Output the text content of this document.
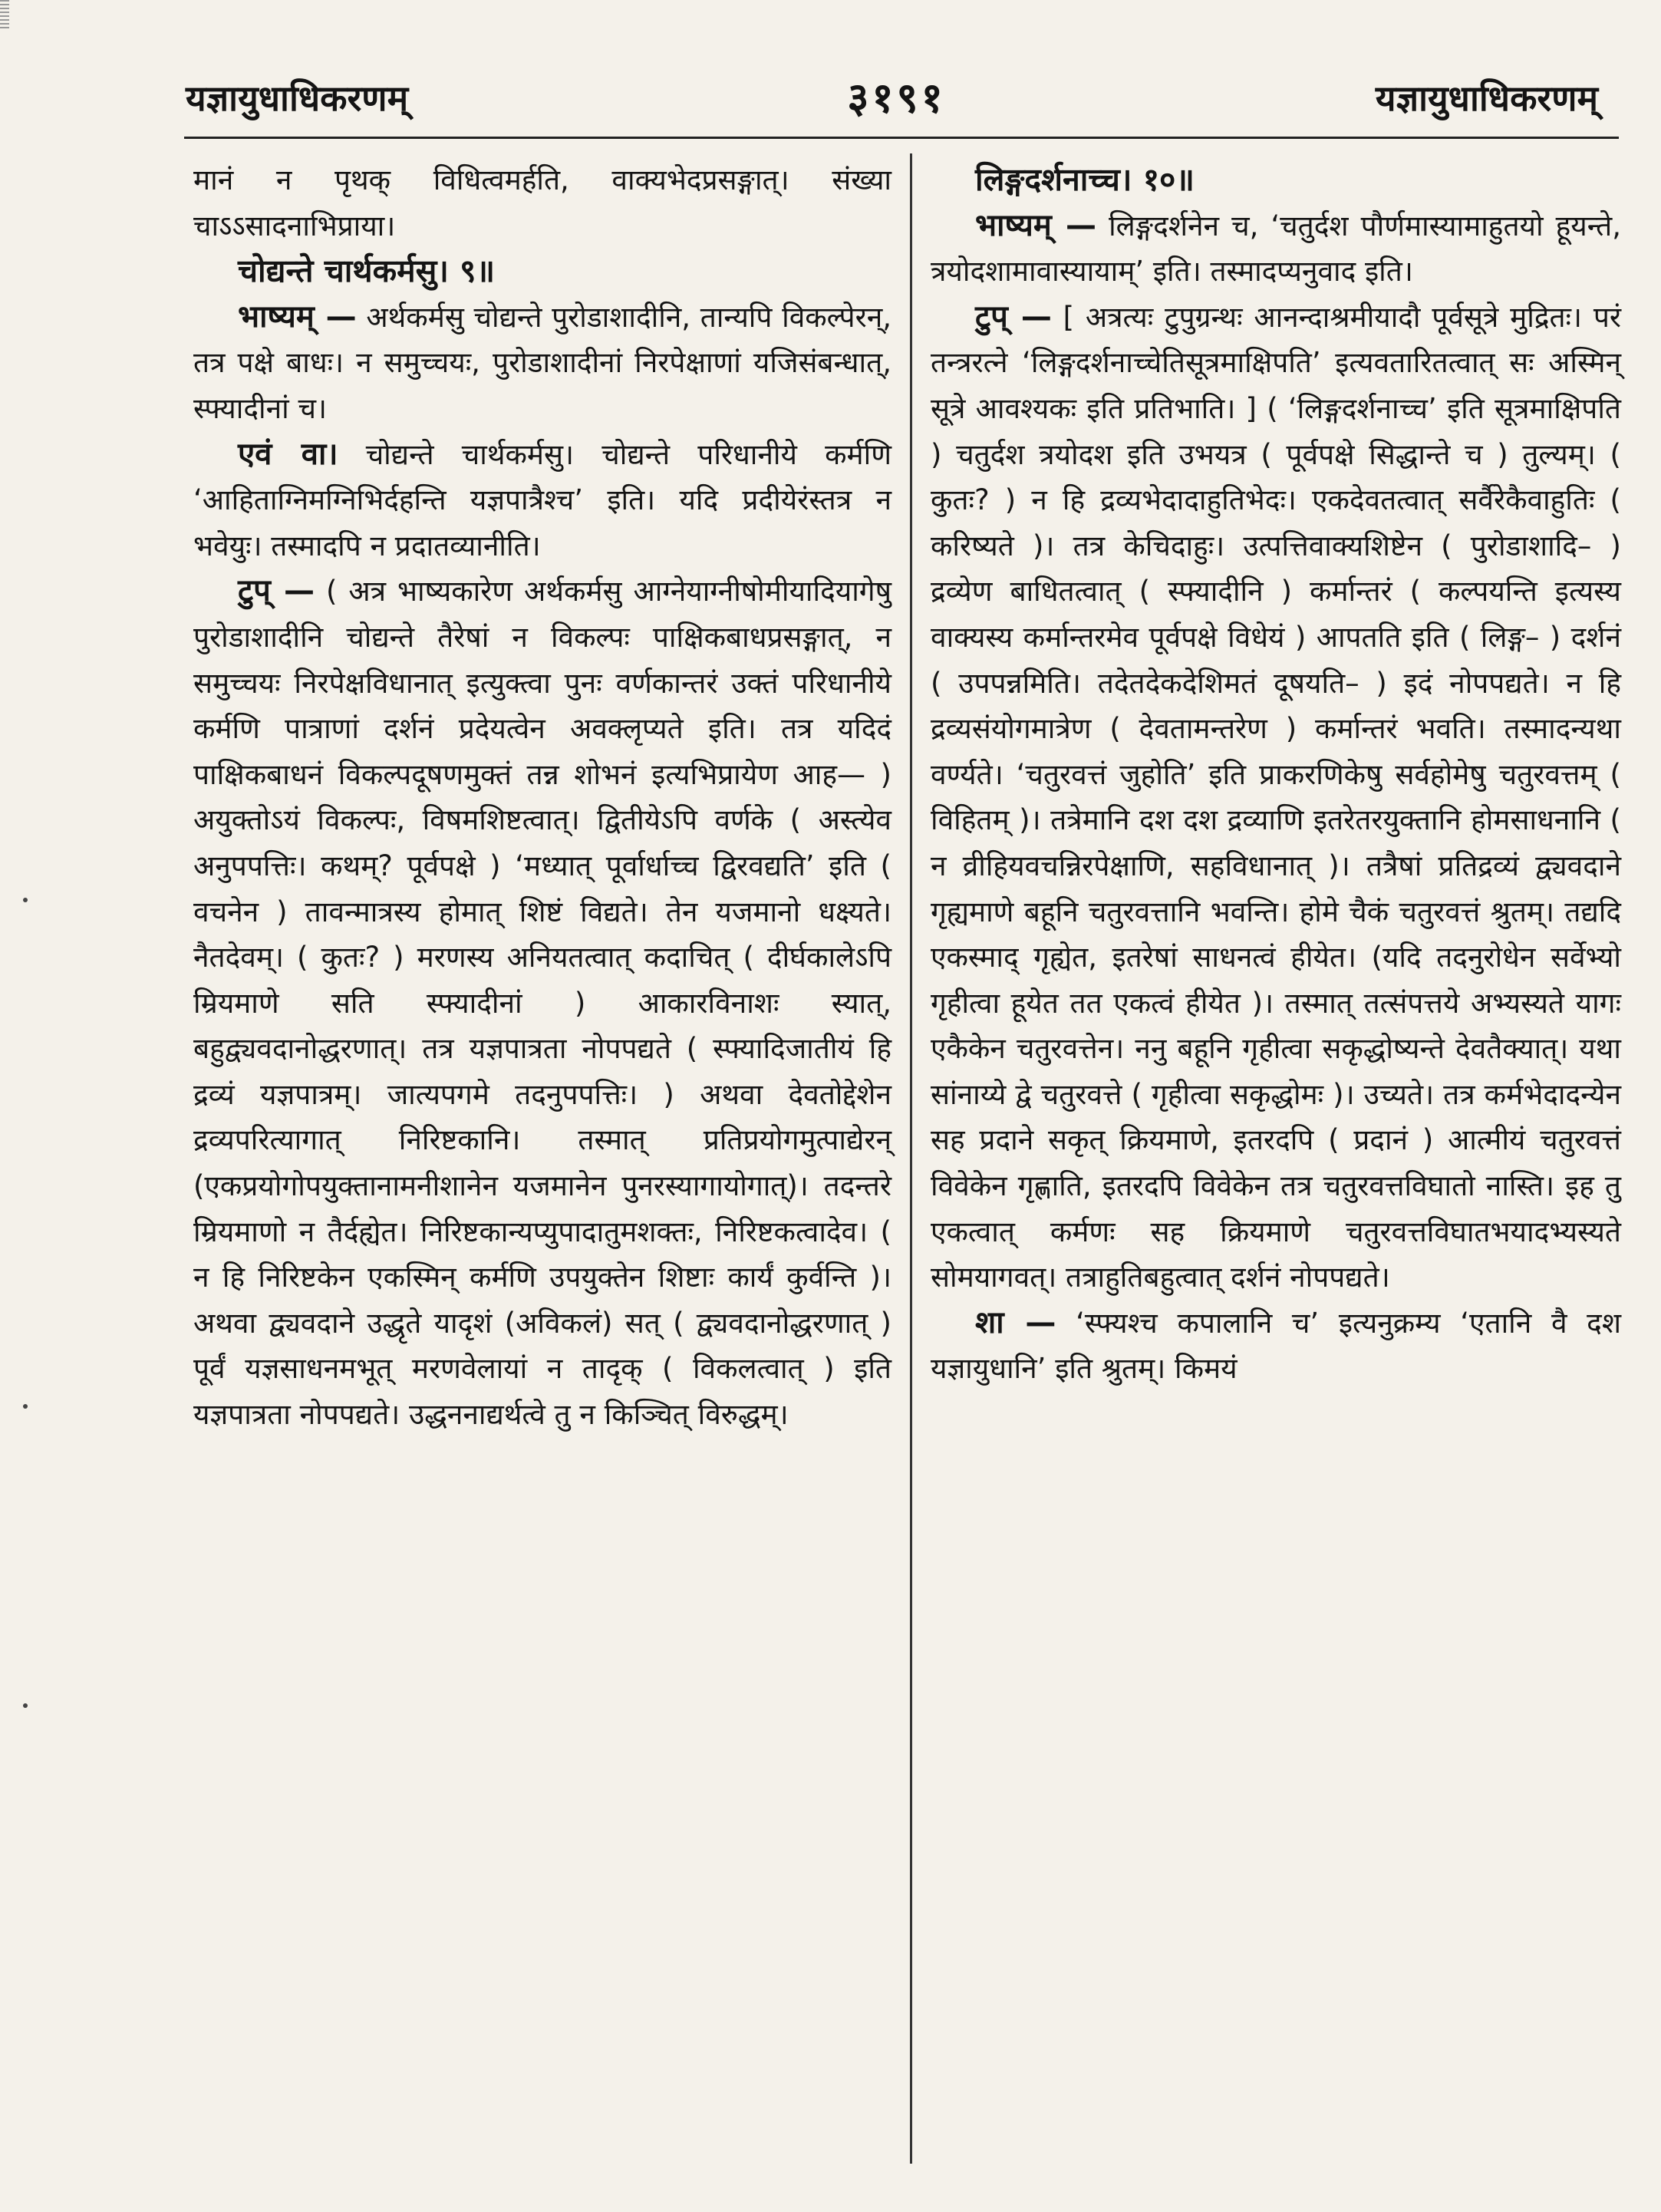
यज्ञायुधाधिकरणम्	३१९१	यज्ञायुधाधिकरणम्

मानं न पृथक् विधित्वमर्हति, वाक्यभेदप्रसङ्गात्। संख्या चाऽऽसादनाभिप्राया।

चोद्यन्ते चार्थकर्मसु। ९॥

भाष्यम् — अर्थकर्मसु चोद्यन्ते पुरोडाशादीनि, तान्यपि विकल्पेरन्, तत्र पक्षे बाधः। न समुच्चयः, पुरोडाशादीनां निरपेक्षाणां यजिसंबन्धात्, स्फ्यादीनां च।

एवं वा। चोद्यन्ते चार्थकर्मसु। चोद्यन्ते परिधानीये कर्मणि ‘आहिताग्निमग्निभिर्दहन्ति यज्ञपात्रैश्च’ इति। यदि प्रदीयेरंस्तत्र न भवेयुः। तस्मादपि न प्रदातव्यानीति।

टुप् — ( अत्र भाष्यकारेण अर्थकर्मसु आग्नेयाग्नीषोमीयादियागेषु पुरोडाशादीनि चोद्यन्ते तैरेषां न विकल्पः पाक्षिकबाधप्रसङ्गात्, न समुच्चयः निरपेक्षविधानात् इत्युक्त्वा पुनः वर्णकान्तरं उक्तं परिधानीये कर्मणि पात्राणां दर्शनं प्रदेयत्वेन अवक्लृप्यते इति। तत्र यदिदं पाक्षिकबाधनं विकल्पदूषणमुक्तं तन्न शोभनं इत्यभिप्रायेण आह— ) अयुक्तोऽयं विकल्पः, विषमशिष्टत्वात्। द्वितीयेऽपि वर्णके ( अस्त्येव अनुपपत्तिः। कथम्? पूर्वपक्षे ) ‘मध्यात् पूर्वार्धाच्च द्विरवद्यति’ इति ( वचनेन ) तावन्मात्रस्य होमात् शिष्टं विद्यते। तेन यजमानो धक्ष्यते। नैतदेवम्। ( कुतः? ) मरणस्य अनियतत्वात् कदाचित् ( दीर्घकालेऽपि म्रियमाणे सति स्फ्यादीनां ) आकारविनाशः स्यात्, बहुद्व्यवदानोद्धरणात्। तत्र यज्ञपात्रता नोपपद्यते ( स्फ्यादिजातीयं हि द्रव्यं यज्ञपात्रम्। जात्यपगमे तदनुपपत्तिः। ) अथवा देवतोद्देशेन द्रव्यपरित्यागात् निरिष्टकानि। तस्मात् प्रतिप्रयोगमुत्पाद्येरन् (एकप्रयोगोपयुक्तानामनीशानेन यजमानेन पुनरस्यागायोगात्)। तदन्तरे म्रियमाणो न तैर्दह्येत। निरिष्टकान्यप्युपादातुमशक्तः, निरिष्टकत्वादेव। ( न हि निरिष्टकेन एकस्मिन् कर्मणि उपयुक्तेन शिष्टाः कार्यं कुर्वन्ति )। अथवा द्व्यवदाने उद्धृते यादृशं (अविकलं) सत् ( द्व्यवदानोद्धरणात् ) पूर्वं यज्ञसाधनमभूत् मरणवेलायां न तादृक् ( विकलत्वात् ) इति यज्ञपात्रता नोपपद्यते। उद्धननाद्यर्थत्वे तु न किञ्चित् विरुद्धम्।

लिङ्गदर्शनाच्च। १०॥

भाष्यम् — लिङ्गदर्शनेन च, ‘चतुर्दश पौर्णमास्यामाहुतयो हूयन्ते, त्रयोदशामावास्यायाम्’ इति। तस्मादप्यनुवाद इति।

टुप् — [ अत्रत्यः टुपुग्रन्थः आनन्दाश्रमीयादौ पूर्वसूत्रे मुद्रितः। परं तन्त्ररत्ने ‘लिङ्गदर्शनाच्चेतिसूत्रमाक्षिपति’ इत्यवतारितत्वात् सः अस्मिन् सूत्रे आवश्यकः इति प्रतिभाति। ] ( ‘लिङ्गदर्शनाच्च’ इति सूत्रमाक्षिपति ) चतुर्दश त्रयोदश इति उभयत्र ( पूर्वपक्षे सिद्धान्ते च ) तुल्यम्। ( कुतः? ) न हि द्रव्यभेदादाहुतिभेदः। एकदेवतत्वात् सर्वैरेकैवाहुतिः ( करिष्यते )। तत्र केचिदाहुः। उत्पत्तिवाक्यशिष्टेन ( पुरोडाशादि– ) द्रव्येण बाधितत्वात् ( स्फ्यादीनि ) कर्मान्तरं ( कल्पयन्ति इत्यस्य वाक्यस्य कर्मान्तरमेव पूर्वपक्षे विधेयं ) आपतति इति ( लिङ्ग– ) दर्शनं ( उपपन्नमिति। तदेतदेकदेशिमतं दूषयति– ) इदं नोपपद्यते। न हि द्रव्यसंयोगमात्रेण ( देवतामन्तरेण ) कर्मान्तरं भवति। तस्मादन्यथा वर्ण्यते। ‘चतुरवत्तं जुहोति’ इति प्राकरणिकेषु सर्वहोमेषु चतुरवत्तम् ( विहितम् )। तत्रेमानि दश दश द्रव्याणि इतरेतरयुक्तानि होमसाधनानि ( न व्रीहियवचन्निरपेक्षाणि, सहविधानात् )। तत्रैषां प्रतिद्रव्यं द्व्यवदाने गृह्यमाणे बहूनि चतुरवत्तानि भवन्ति। होमे चैकं चतुरवत्तं श्रुतम्। तद्यदि एकस्माद् गृह्येत, इतरेषां साधनत्वं हीयेत। (यदि तदनुरोधेन सर्वेभ्यो गृहीत्वा हूयेत तत एकत्वं हीयेत )। तस्मात् तत्संपत्तये अभ्यस्यते यागः एकैकेन चतुरवत्तेन। ननु बहूनि गृहीत्वा सकृद्धोष्यन्ते देवतैक्यात्। यथा सांनाय्ये द्वे चतुरवत्ते ( गृहीत्वा सकृद्धोमः )। उच्यते। तत्र कर्मभेदादन्येन सह प्रदाने सकृत् क्रियमाणे, इतरदपि ( प्रदानं ) आत्मीयं चतुरवत्तं विवेकेन गृह्णाति, इतरदपि विवेकेन तत्र चतुरवत्तविघातो नास्ति। इह तु एकत्वात् कर्मणः सह क्रियमाणे चतुरवत्तविघातभयादभ्यस्यते सोमयागवत्। तत्राहुतिबहुत्वात् दर्शनं नोपपद्यते।

शा — ‘स्फ्यश्च कपालानि च’ इत्यनुक्रम्य ‘एतानि वै दश यज्ञायुधानि’ इति श्रुतम्। किमयं
